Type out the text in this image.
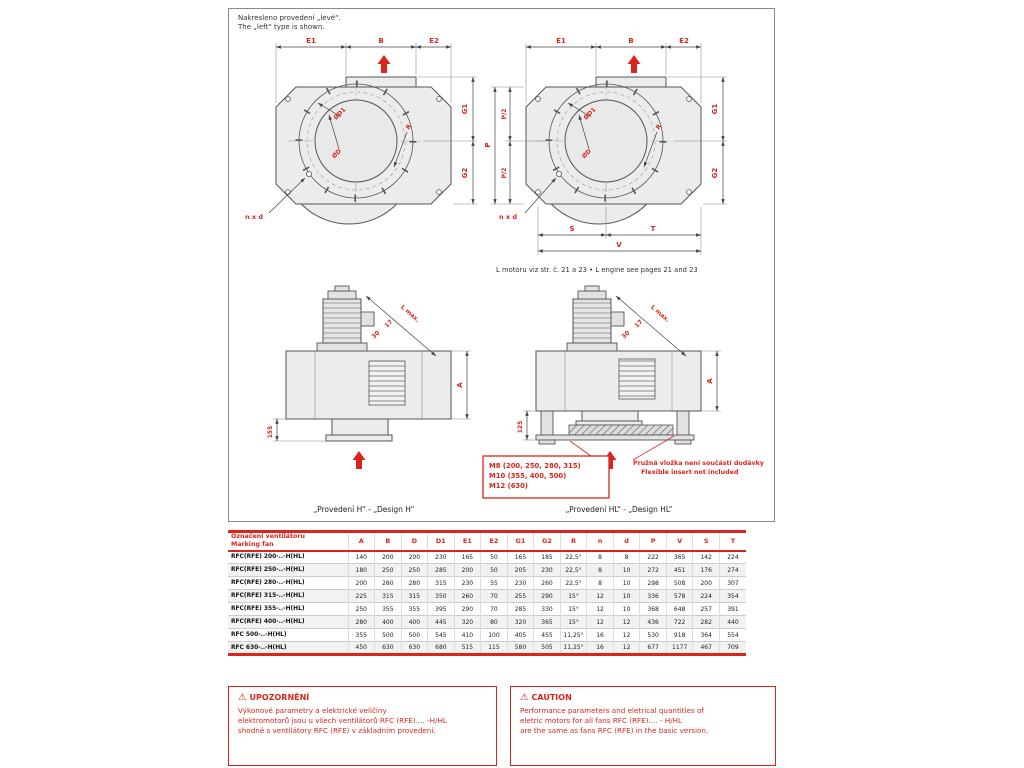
Nakresleno provedení „levé“.
The „left“ type is shown.
E1	B	E2
G1
G2
n x d
ØD1
ØD
R
E1	B	E2
G1
G2
P
P/2
P/2
S	T
V
n x d
ØD1
ØD
R
L motoru viz str. č. 21 a 23 • L engine see pages 21 and 23
155
A
L max.
30
17
125
A
L max.
30
17
M8 (200, 250, 280, 315)
M10 (355, 400, 500)
M12 (630)
Pružná vložka není součástí dodávky
Flexible insert not included
„Provedení H“ - „Design H“	„Provedení HL“ - „Design HL“
Označení ventilátoru
Marking fan	A	B	D	D1	E1	E2	G1	G2	R	n	d	P	V	S	T
RFC(RFE) 200-..-H(HL)	140	200	200	230	165	50	165	185	22,5°	8	8	222	365	142	224
RFC(RFE) 250-..-H(HL)	180	250	250	285	200	50	205	230	22,5°	8	10	272	451	176	274
RFC(RFE) 280-..-H(HL)	200	280	280	315	230	55	230	260	22,5°	8	10	298	508	200	307
RFC(RFE) 315-..-H(HL)	225	315	315	350	260	70	255	290	15°	12	10	336	578	224	354
RFC(RFE) 355-..-H(HL)	250	355	355	395	290	70	285	330	15°	12	10	368	648	257	391
RFC(RFE) 400-..-H(HL)	280	400	400	445	320	80	320	365	15°	12	12	436	722	282	440
RFC 500-..-H(HL)	355	500	500	545	410	100	405	455	11,25°	16	12	530	918	364	554
RFC 630-..-H(HL)	450	630	630	680	515	115	580	505	11,25°	16	12	677	1177	467	709
⚠ UPOZORNĚNÍ
Výkonové parametry a elektrické veličiny
elektromotorů jsou u všech ventilátorů RFC (RFE).... -H/HL
shodné s ventilátory RFC (RFE) v základním provedení.
⚠ CAUTION
Performance parameters and eletrical quantities of
eletric motors for all fans RFC (RFE).... - H/HL
are the same as fans RFC (RFE) in the basic version.
